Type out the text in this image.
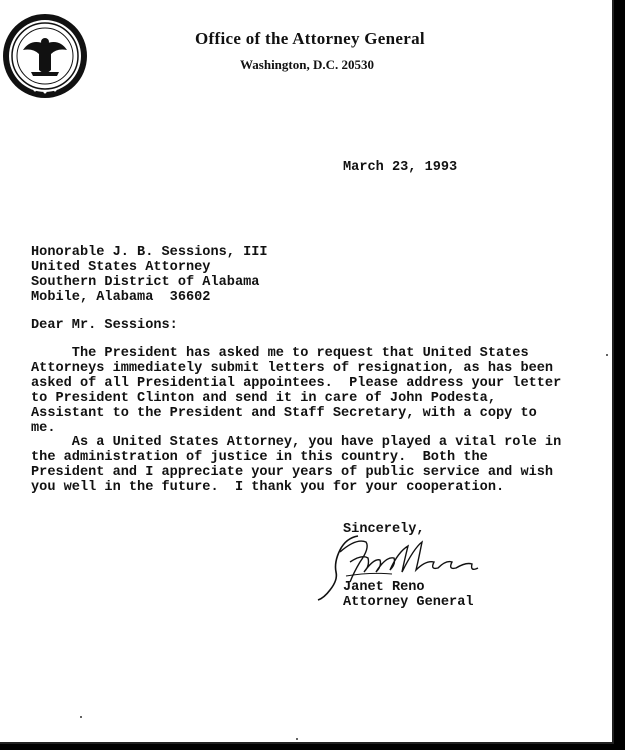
Office of the Attorney General
Washington, D.C. 20530
March 23, 1993
Honorable J. B. Sessions, III
United States Attorney
Southern District of Alabama
Mobile, Alabama  36602
Dear Mr. Sessions:
The President has asked me to request that United States
Attorneys immediately submit letters of resignation, as has been
asked of all Presidential appointees.  Please address your letter
to President Clinton and send it in care of John Podesta,
Assistant to the President and Staff Secretary, with a copy to
me.
As a United States Attorney, you have played a vital role in
the administration of justice in this country.  Both the
President and I appreciate your years of public service and wish
you well in the future.  I thank you for your cooperation.
Sincerely,
Janet Reno
Attorney General
